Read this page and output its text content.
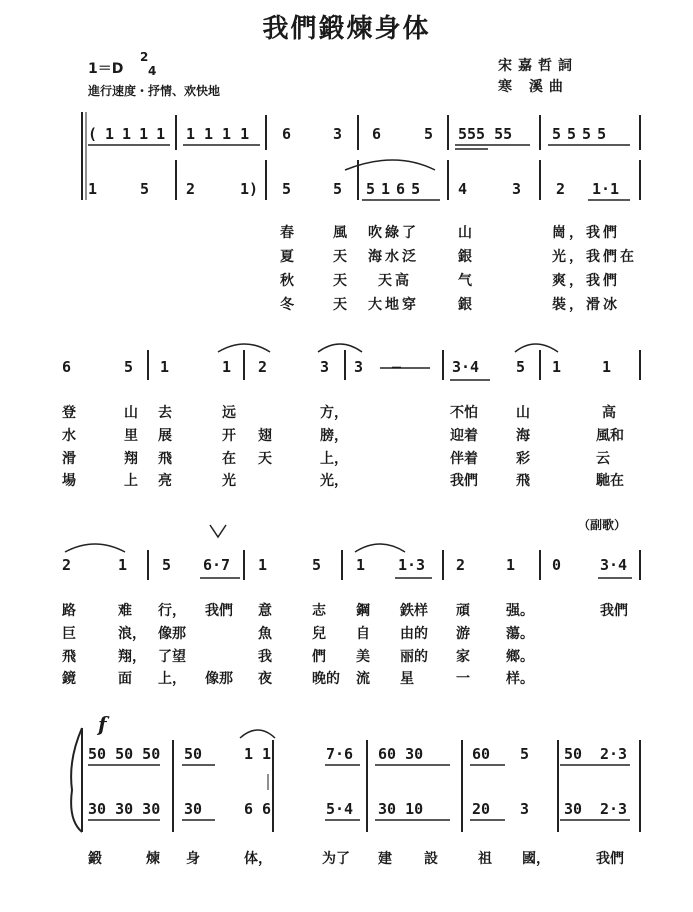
我們鍛煉身体
1＝D
2
4
進行速度・抒情、欢快地
宋嘉哲詞
寒 溪曲
(1111 1111 6	3 6	5 555 55	5555
1	5 2	1) 5	5 5165 4	3 2 1·1
春	風 吹綠了	山	崗，我們
夏	天 海水泛	銀	光，我們在
秋	天 天高	气	爽，我們
冬	天 大地穿	銀	裝，滑冰
6	5 1	1 2	3 3 —	3·4 5 1	1
登	山 去	远	方，	不怕	山	高
水	里 展	开 翅	膀，	迎着	海	風和
滑	翔 飛	在 天	上，	伴着	彩	云
場	上 亮	光	光，	我們	飛	馳在
（副歌）
2	1 5 6·7 1	5 1 1·3 2	1 0	3·4
路	难 行， 我們 意	志 鋼 鉄样 頑	强。	我們
巨	浪， 像那	魚	兒 自 由的 游	蕩。
飛	翔， 了望	我	們 美 丽的 家	鄉。
鏡	面 上， 像那 夜	晚的 流 星	一	样。
f
50 50 50 50	1 1	7·6 60 30	60 5 50 2·3
30 30 30 30	6 6	5·4 30 10	20 3 30 2·3
鍛	煉 身	体，	为了 建 設	祖 國，	我們
